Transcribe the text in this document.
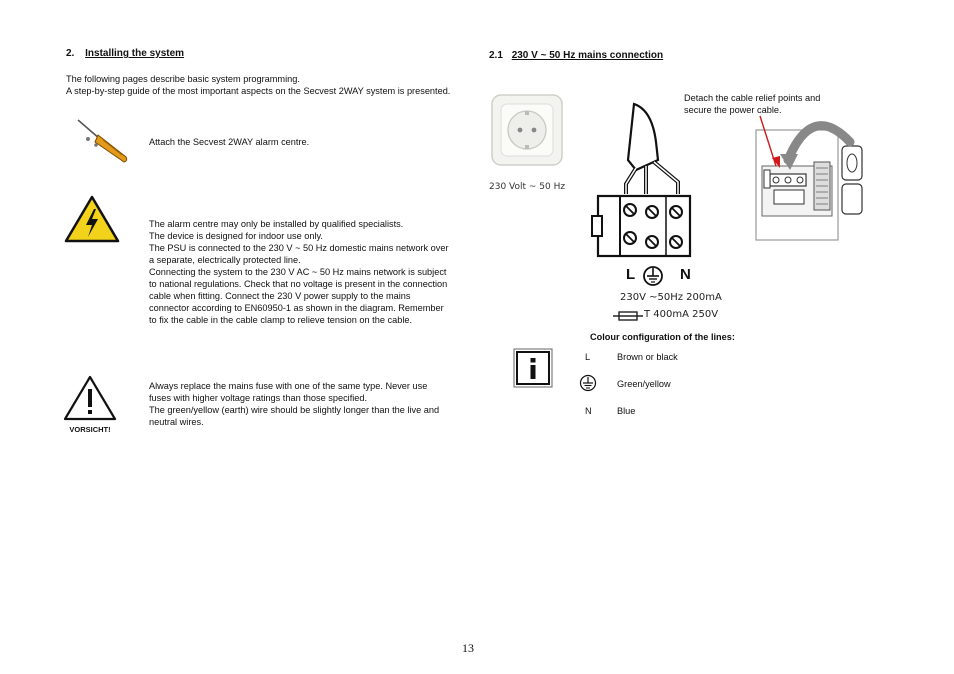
2. Installing the system

The following pages describe basic system programming.

A step-by-step guide of the most important aspects on the Secvest 2WAY system is presented.

Attach the Secvest 2WAY alarm centre.

The alarm centre may only be installed by qualified specialists.

The device is designed for indoor use only.

The PSU is connected to the 230 V ~ 50 Hz domestic mains network over a separate, electrically protected line.

Connecting the system to the 230 V AC ~ 50 Hz mains network is subject to national regulations. Check that no voltage is present in the connection cable when fitting. Connect the 230 V power supply to the mains connector according to EN60950-1 as shown in the diagram. Remember to fix the cable in the cable clamp to relieve tension on the cable.

VORSICHT!

Always replace the mains fuse with one of the same type. Never use fuses with higher voltage ratings than those specified.

The green/yellow (earth) wire should be slightly longer than the live and neutral wires.

2.1 230 V ~ 50 Hz mains connection
230 Volt ~ 50 Hz
L	N
230V ~50Hz 200mA
T 400mA 250V
Detach the cable relief points and secure the power cable.
Colour configuration of the lines:
L	Brown or black
Green/yellow
N	Blue
13
